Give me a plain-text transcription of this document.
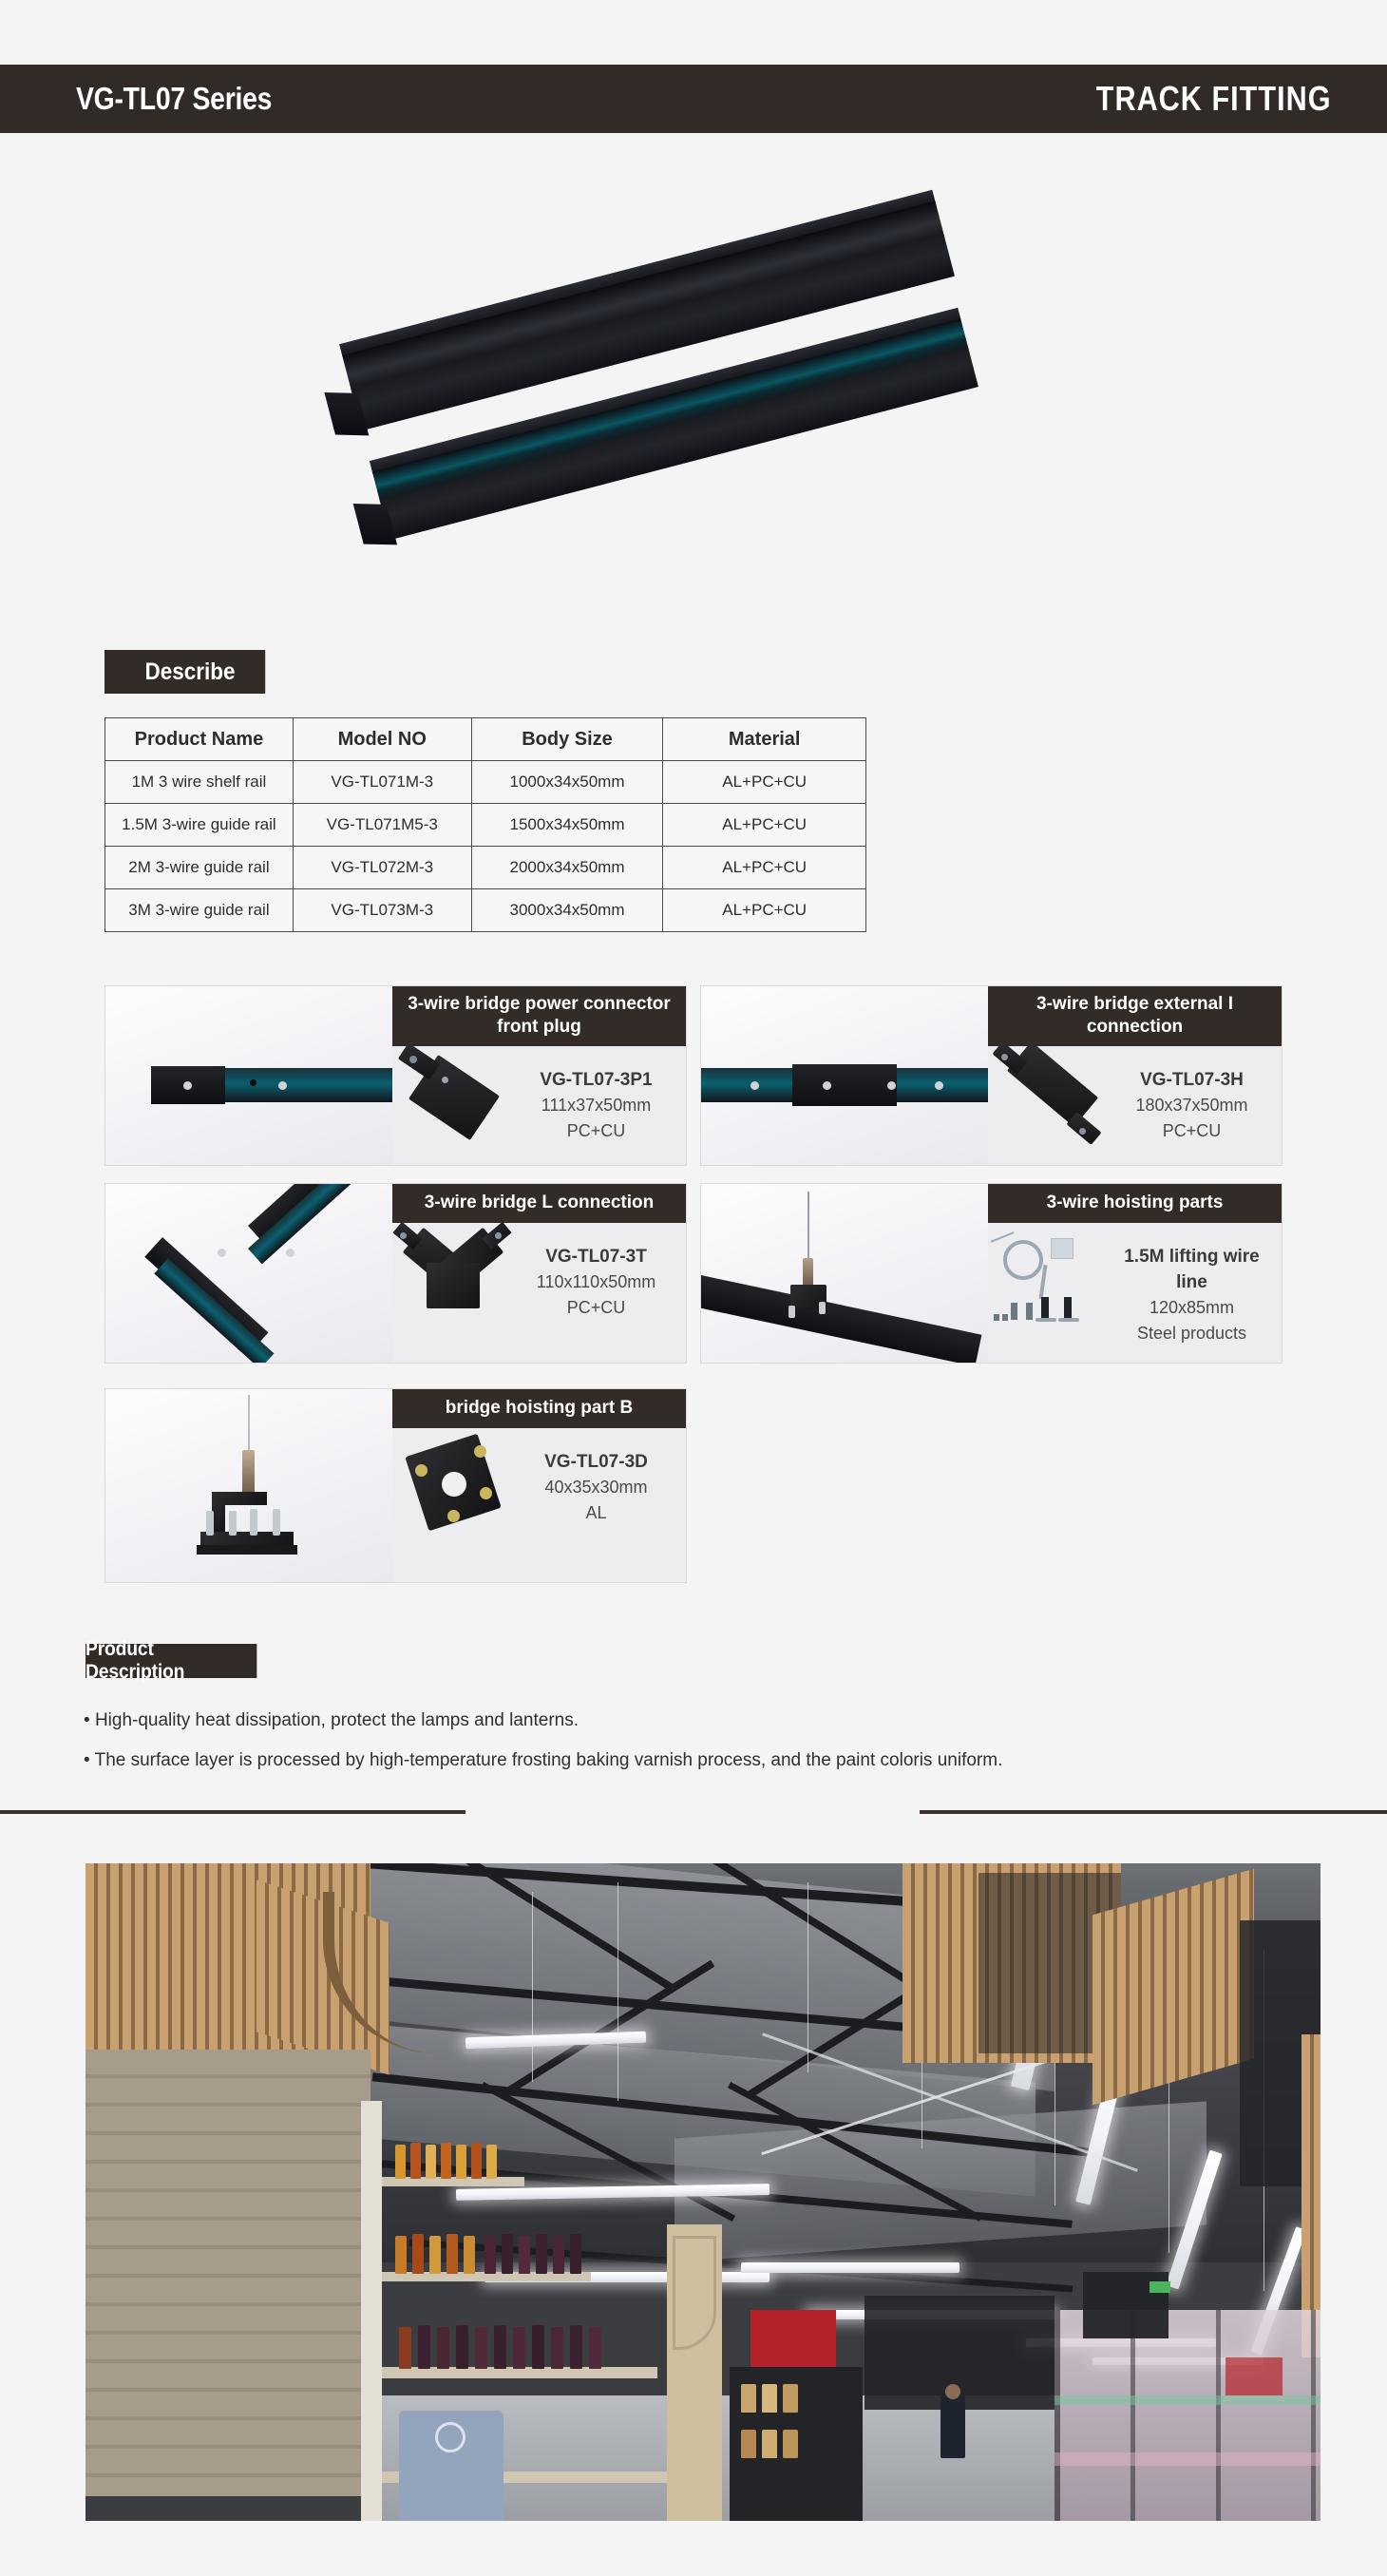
VG-TL07 Series	TRACK FITTING
Describe
Product Name	Model NO	Body Size	Material
1M 3 wire shelf rail	VG-TL071M-3	1000x34x50mm	AL+PC+CU
1.5M 3-wire guide rail	VG-TL071M5-3	1500x34x50mm	AL+PC+CU
2M 3-wire guide rail	VG-TL072M-3	2000x34x50mm	AL+PC+CU
3M 3-wire guide rail	VG-TL073M-3	3000x34x50mm	AL+PC+CU
3-wire bridge power connector front plug
VG-TL07-3P1
111x37x50mm
PC+CU
3-wire bridge external I connection
VG-TL07-3H
180x37x50mm
PC+CU
3-wire bridge L connection
VG-TL07-3T
110x110x50mm
PC+CU
3-wire hoisting parts
1.5M lifting wire line
120x85mm
Steel products
bridge hoisting part B
VG-TL07-3D
40x35x30mm
AL
Product Description
• High-quality heat dissipation, protect the lamps and lanterns.
• The surface layer is processed by high-temperature frosting baking varnish process, and the paint coloris uniform.
